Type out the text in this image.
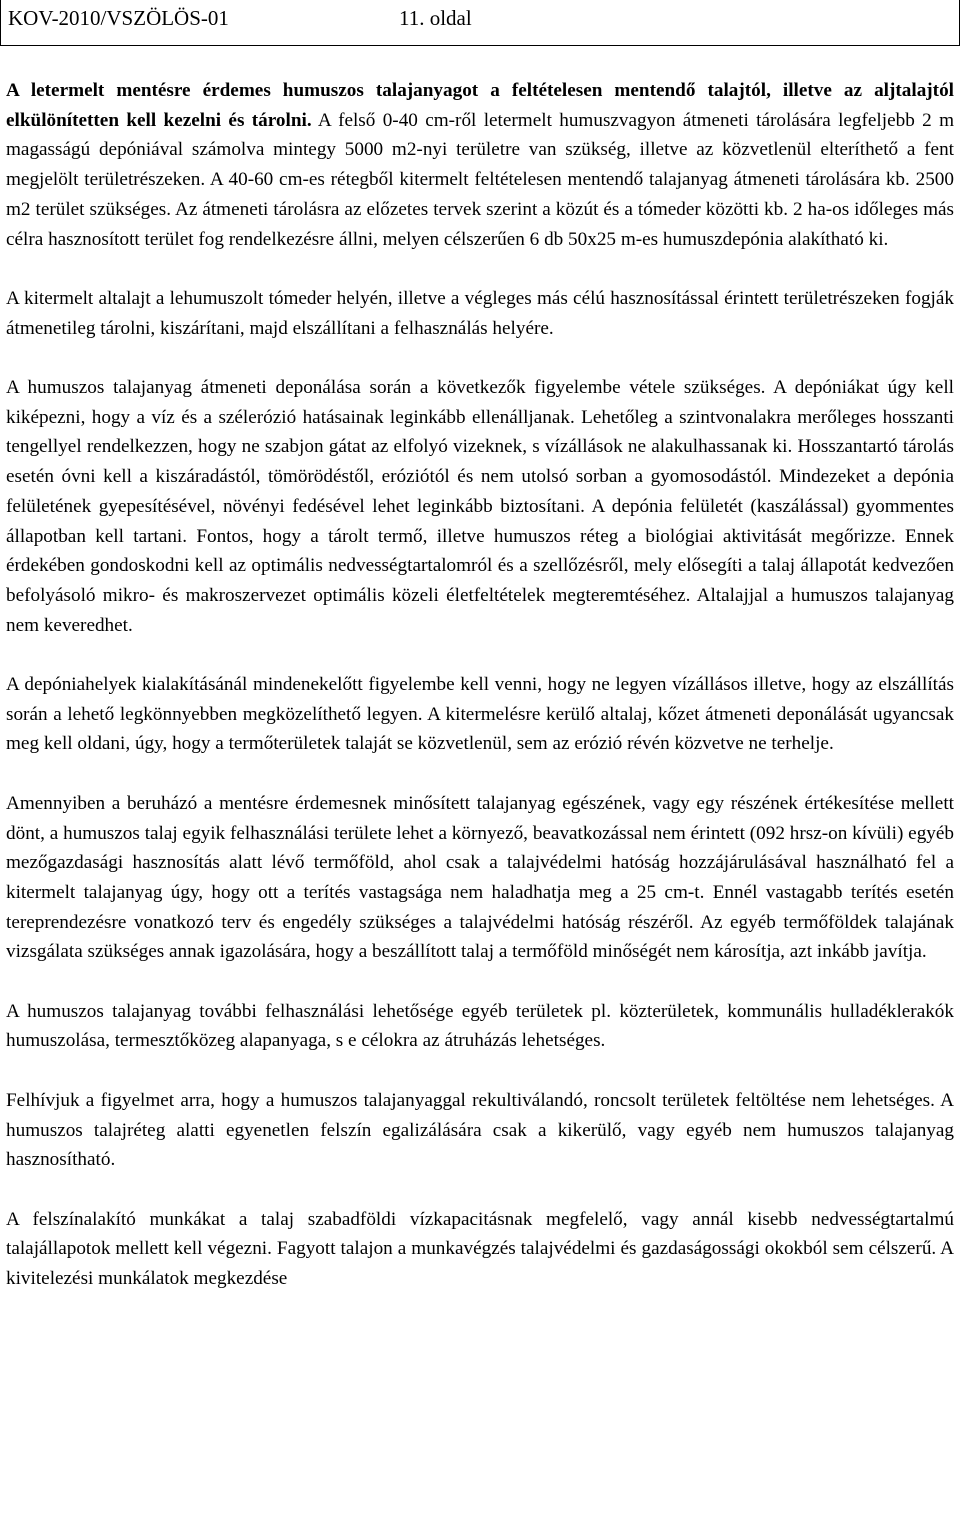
KOV-2010/VSZÖLÖS-01	11. oldal

A letermelt mentésre érdemes humuszos talajanyagot a feltételesen mentendő talajtól, illetve az aljtalajtól elkülönítetten kell kezelni és tárolni. A felső 0-40 cm-ről letermelt humuszvagyon átmeneti tárolására legfeljebb 2 m magasságú depóniával számolva mintegy 5000 m2-nyi területre van szükség, illetve az közvetlenül elteríthető a fent megjelölt területrészeken. A 40-60 cm-es rétegből kitermelt feltételesen mentendő talajanyag átmeneti tárolására kb. 2500 m2 terület szükséges. Az átmeneti tárolásra az előzetes tervek szerint a közút és a tómeder közötti kb. 2 ha-os időleges más célra hasznosított terület fog rendelkezésre állni, melyen célszerűen 6 db 50x25 m-es humuszdepónia alakítható ki.

A kitermelt altalajt a lehumuszolt tómeder helyén, illetve a végleges más célú hasznosítással érintett területrészeken fogják átmenetileg tárolni, kiszárítani, majd elszállítani a felhasználás helyére.

A humuszos talajanyag átmeneti deponálása során a következők figyelembe vétele szükséges. A depóniákat úgy kell kiképezni, hogy a víz és a szélerózió hatásainak leginkább ellenálljanak. Lehetőleg a szintvonalakra merőleges hosszanti tengellyel rendelkezzen, hogy ne szabjon gátat az elfolyó vizeknek, s vízállások ne alakulhassanak ki. Hosszantartó tárolás esetén óvni kell a kiszáradástól, tömörödéstől, eróziótól és nem utolsó sorban a gyomosodástól. Mindezeket a depónia felületének gyepesítésével, növényi fedésével lehet leginkább biztosítani. A depónia felületét (kaszálással) gyommentes állapotban kell tartani. Fontos, hogy a tárolt termő, illetve humuszos réteg a biológiai aktivitását megőrizze. Ennek érdekében gondoskodni kell az optimális nedvességtartalomról és a szellőzésről, mely elősegíti a talaj állapotát kedvezően befolyásoló mikro- és makroszervezet optimális közeli életfeltételek megteremtéséhez. Altalajjal a humuszos talajanyag nem keveredhet.

A depóniahelyek kialakításánál mindenekelőtt figyelembe kell venni, hogy ne legyen vízállásos illetve, hogy az elszállítás során a lehető legkönnyebben megközelíthető legyen. A kitermelésre kerülő altalaj, kőzet átmeneti deponálását ugyancsak meg kell oldani, úgy, hogy a termőterületek talaját se közvetlenül, sem az erózió révén közvetve ne terhelje.

Amennyiben a beruházó a mentésre érdemesnek minősített talajanyag egészének, vagy egy részének értékesítése mellett dönt, a humuszos talaj egyik felhasználási területe lehet a környező, beavatkozással nem érintett (092 hrsz-on kívüli) egyéb mezőgazdasági hasznosítás alatt lévő termőföld, ahol csak a talajvédelmi hatóság hozzájárulásával használható fel a kitermelt talajanyag úgy, hogy ott a terítés vastagsága nem haladhatja meg a 25 cm-t. Ennél vastagabb terítés esetén tereprendezésre vonatkozó terv és engedély szükséges a talajvédelmi hatóság részéről. Az egyéb termőföldek talajának vizsgálata szükséges annak igazolására, hogy a beszállított talaj a termőföld minőségét nem károsítja, azt inkább javítja.

A humuszos talajanyag további felhasználási lehetősége egyéb területek pl. közterületek, kommunális hulladéklerakók humuszolása, termesztőközeg alapanyaga, s e célokra az átruházás lehetséges.

Felhívjuk a figyelmet arra, hogy a humuszos talajanyaggal rekultiválandó, roncsolt területek feltöltése nem lehetséges. A humuszos talajréteg alatti egyenetlen felszín egalizálására csak a kikerülő, vagy egyéb nem humuszos talajanyag hasznosítható.

A felszínalakító munkákat a talaj szabadföldi vízkapacitásnak megfelelő, vagy annál kisebb nedvességtartalmú talajállapotok mellett kell végezni. Fagyott talajon a munkavégzés talajvédelmi és gazdaságossági okokból sem célszerű. A kivitelezési munkálatok megkezdése
